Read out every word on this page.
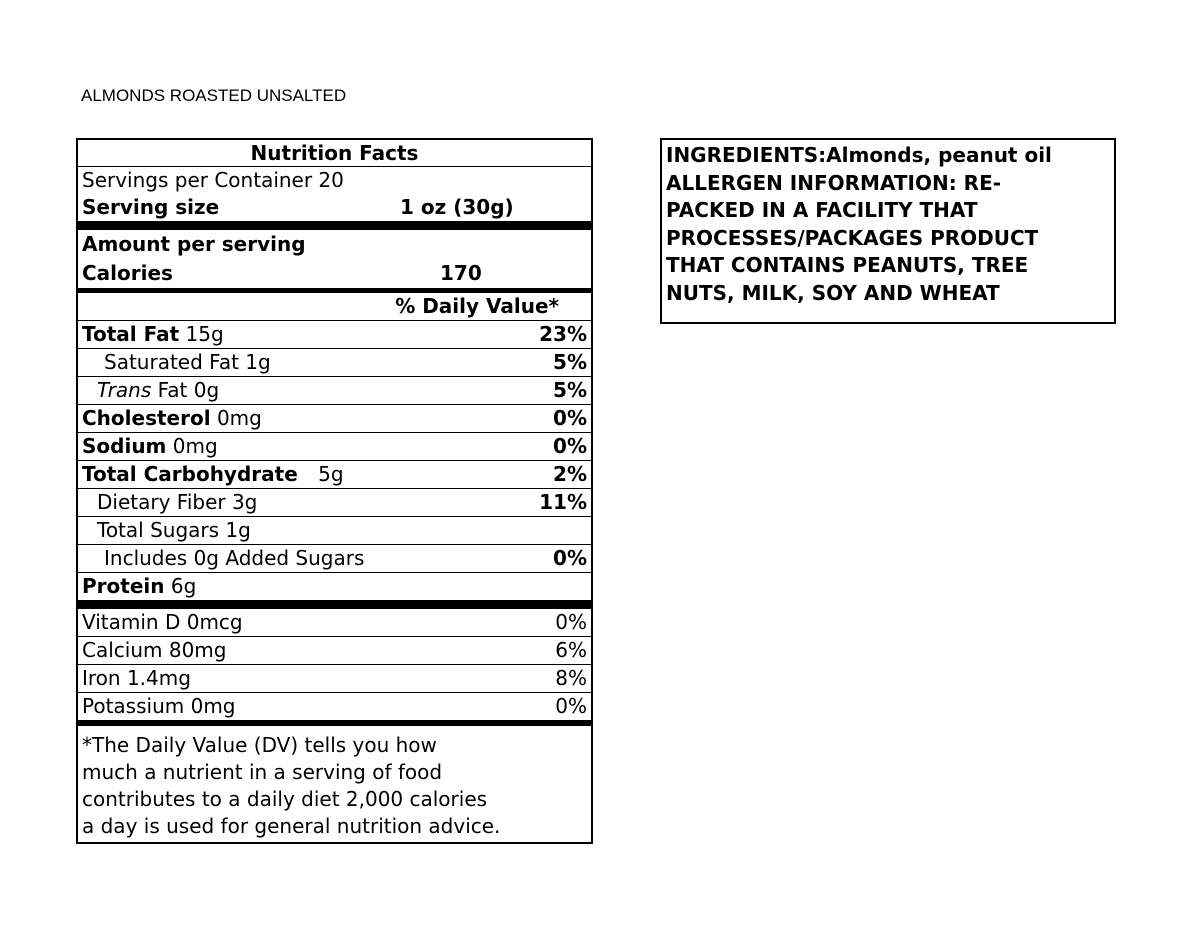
ALMONDS ROASTED UNSALTED
Nutrition Facts
Servings per Container 20
Serving size	1 oz (30g)
Amount per serving
Calories	170
% Daily Value*
Total Fat 15g	23%
Saturated Fat 1g	5%
Trans Fat 0g	5%
Cholesterol 0mg	0%
Sodium 0mg	0%
Total Carbohydrate 5g	2%
Dietary Fiber 3g	11%
Total Sugars 1g
Includes 0g Added Sugars	0%
Protein 6g
Vitamin D 0mcg	0%
Calcium 80mg	6%
Iron 1.4mg	8%
Potassium 0mg	0%
*The Daily Value (DV) tells you how
much a nutrient in a serving of food
contributes to a daily diet 2,000 calories
a day is used for general nutrition advice.
INGREDIENTS:Almonds, peanut oil
ALLERGEN INFORMATION: RE-
PACKED IN A FACILITY THAT
PROCESSES/PACKAGES PRODUCT
THAT CONTAINS PEANUTS, TREE
NUTS, MILK, SOY AND WHEAT
